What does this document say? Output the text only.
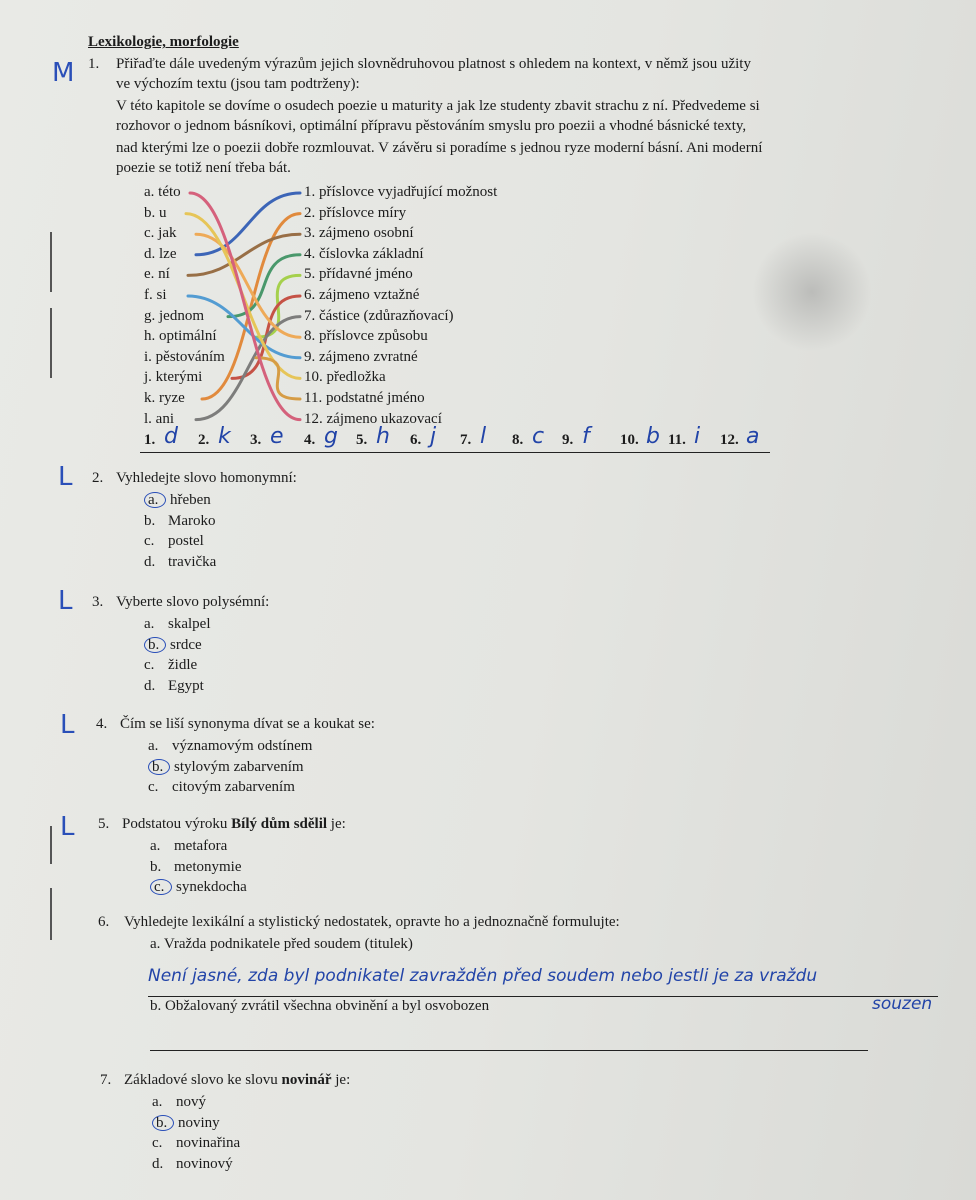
Lexikologie, morfologie
M
L
L
L
L
1. Přiřaďte dále uvedeným výrazům jejich slovnědruhovou platnost s ohledem na kontext, v němž jsou užity
ve výchozím textu (jsou tam podtrženy):
V této kapitole se dovíme o osudech poezie u maturity a jak lze studenty zbavit strachu z ní. Předvedeme si
rozhovor o jednom básníkovi, optimální přípravu pěstováním smyslu pro poezii a vhodné básnické texty,
nad kterými lze o poezii dobře rozmlouvat. V závěru si poradíme s jednou ryze moderní básní. Ani moderní
poezie se totiž není třeba bát.
a. této
b. u
c. jak
d. lze
e. ní
f. si
g. jednom
h. optimální
i. pěstováním
j. kterými
k. ryze
l. ani
1. příslovce vyjadřující možnost
2. příslovce míry
3. zájmeno osobní
4. číslovka základní
5. přídavné jméno
6. zájmeno vztažné
7. částice (zdůrazňovací)
8. příslovce způsobu
9. zájmeno zvratné
10. předložka
11. podstatné jméno
12. zájmeno ukazovací
1. d 2. k 3. e 4. g 5. h 6. j 7. l 8. c 9. f 10. b 11. i 12. a
2. Vyhledejte slovo homonymní:
a. hřeben
b. Maroko
c. postel
d. travička
3. Vyberte slovo polysémní:
a. skalpel
b. srdce
c. židle
d. Egypt
4. Čím se liší synonyma dívat se a koukat se:
a. významovým odstínem
b. stylovým zabarvením
c. citovým zabarvením
5. Podstatou výroku Bílý dům sdělil je:
a. metafora
b. metonymie
c. synekdocha
7. Základové slovo ke slovu novinář je:
a. nový
b. noviny
c. novinařina
d. novinový
6. Vyhledejte lexikální a stylistický nedostatek, opravte ho a jednoznačně formulujte:
a. Vražda podnikatele před soudem (titulek)
Není jasné, zda byl podnikatel zavražděn před soudem nebo jestli je za vraždu
souzen
b. Obžalovaný zvrátil všechna obvinění a byl osvobozen
